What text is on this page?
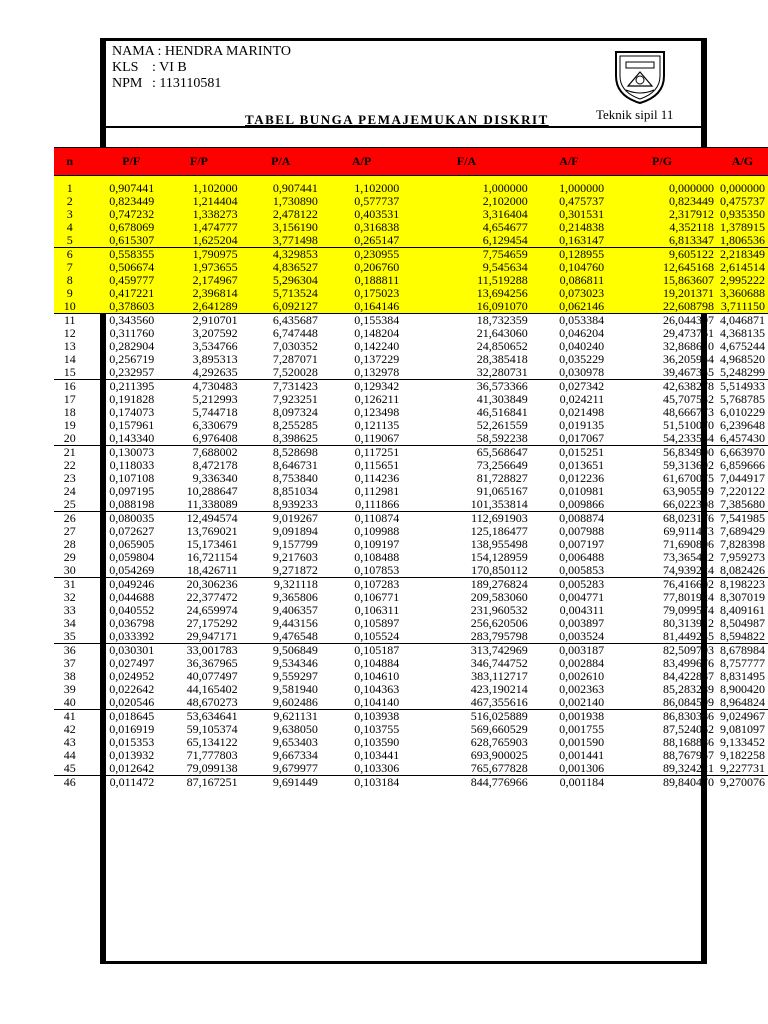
NAMA : HENDRA MARINTO
KLS : VI B
NPM : 113110581
TABEL BUNGA PEMAJEMUKAN DISKRIT	Teknik sipil 11
n		P/F	F/P	P/A	A/P	F/A	A/F	P/G	A/G

1		0,907441	1,102000	0,907441	1,102000	1,000000	1,000000	0,000000	0,000000
2		0,823449	1,214404	1,730890	0,577737	2,102000	0,475737	0,823449	0,475737
3		0,747232	1,338273	2,478122	0,403531	3,316404	0,301531	2,317912	0,935350
4		0,678069	1,474777	3,156190	0,316838	4,654677	0,214838	4,352118	1,378915
5		0,615307	1,625204	3,771498	0,265147	6,129454	0,163147	6,813347	1,806536
6		0,558355	1,790975	4,329853	0,230955	7,754659	0,128955	9,605122	2,218349
7		0,506674	1,973655	4,836527	0,206760	9,545634	0,104760	12,645168	2,614514
8		0,459777	2,174967	5,296304	0,188811	11,519288	0,086811	15,863607	2,995222
9		0,417221	2,396814	5,713524	0,175023	13,694256	0,073023	19,201371	3,360688
10		0,378603	2,641289	6,092127	0,164146	16,091070	0,062146	22,608798	3,711150
11		0,343560	2,910701	6,435687	0,155384	18,732359	0,053384	26,044397	4,046871
12		0,311760	3,207592	6,747448	0,148204	21,643060	0,046204	29,473761	4,368135
13		0,282904	3,534766	7,030352	0,142240	24,850652	0,040240	32,868610	4,675244
14		0,256719	3,895313	7,287071	0,137229	28,385418	0,035229	36,205954	4,968520
15		0,232957	4,292635	7,520028	0,132978	32,280731	0,030978	39,467355	5,248299
16		0,211395	4,730483	7,731423	0,129342	36,573366	0,027342	42,638278	5,514933
17		0,191828	5,212993	7,923251	0,126211	41,303849	0,024211	45,707532	5,768785
18		0,174073	5,744718	8,097324	0,123498	46,516841	0,021498	48,666773	6,010229
19		0,157961	6,330679	8,255285	0,121135	52,261559	0,019135	51,510070	6,239648
20		0,143340	6,976408	8,398625	0,119067	58,592238	0,017067	54,233534	6,457430
21		0,130073	7,688002	8,528698	0,117251	65,568647	0,015251	56,834990	6,663970
22		0,118033	8,472178	8,646731	0,115651	73,256649	0,013651	59,313692	6,859666
23		0,107108	9,336340	8,753840	0,114236	81,728827	0,012236	61,670075	7,044917
24		0,097195	10,288647	8,851034	0,112981	91,065167	0,010981	63,905549	7,220122
25		0,088198	11,338089	8,939233	0,111866	101,353814	0,009866	66,022308	7,385680
26		0,080035	12,494574	9,019267	0,110874	112,691903	0,008874	68,023176	7,541985
27		0,072627	13,769021	9,091894	0,109988	125,186477	0,007988	69,911473	7,689429
28		0,065905	15,173461	9,157799	0,109197	138,955498	0,007197	71,690896	7,828398
29		0,059804	16,721154	9,217603	0,108488	154,128959	0,006488	73,365422	7,959273
30		0,054269	18,426711	9,271872	0,107853	170,850112	0,005853	74,939224	8,082426
31		0,049246	20,306236	9,321118	0,107283	189,276824	0,005283	76,416602	8,198223
32		0,044688	22,377472	9,365806	0,106771	209,583060	0,004771	77,801924	8,307019
33		0,040552	24,659974	9,406357	0,106311	231,960532	0,004311	79,099574	8,409161
34		0,036798	27,175292	9,443156	0,105897	256,620506	0,003897	80,313912	8,504987
35		0,033392	29,947171	9,476548	0,105524	283,795798	0,003524	81,449245	8,594822
36		0,030301	33,001783	9,506849	0,105187	313,742969	0,003187	82,509793	8,678984
37		0,027497	36,367965	9,534346	0,104884	346,744752	0,002884	83,499676	8,757777
38		0,024952	40,077497	9,559297	0,104610	383,112717	0,002610	84,422887	8,831495
39		0,022642	44,165402	9,581940	0,104363	423,190214	0,002363	85,283289	8,900420
40		0,020546	48,670273	9,602486	0,104140	467,355616	0,002140	86,084599	8,964824
41		0,018645	53,634641	9,621131	0,103938	516,025889	0,001938	86,830386	9,024967
42		0,016919	59,105374	9,638050	0,103755	569,660529	0,001755	87,524062	9,081097
43		0,015353	65,134122	9,653403	0,103590	628,765903	0,001590	88,168886	9,133452
44		0,013932	71,777803	9,667334	0,103441	693,900025	0,001441	88,767957	9,182258
45		0,012642	79,099138	9,679977	0,103306	765,677828	0,001306	89,324221	9,227731
46		0,011472	87,167251	9,691449	0,103184	844,776966	0,001184	89,840470	9,270076
